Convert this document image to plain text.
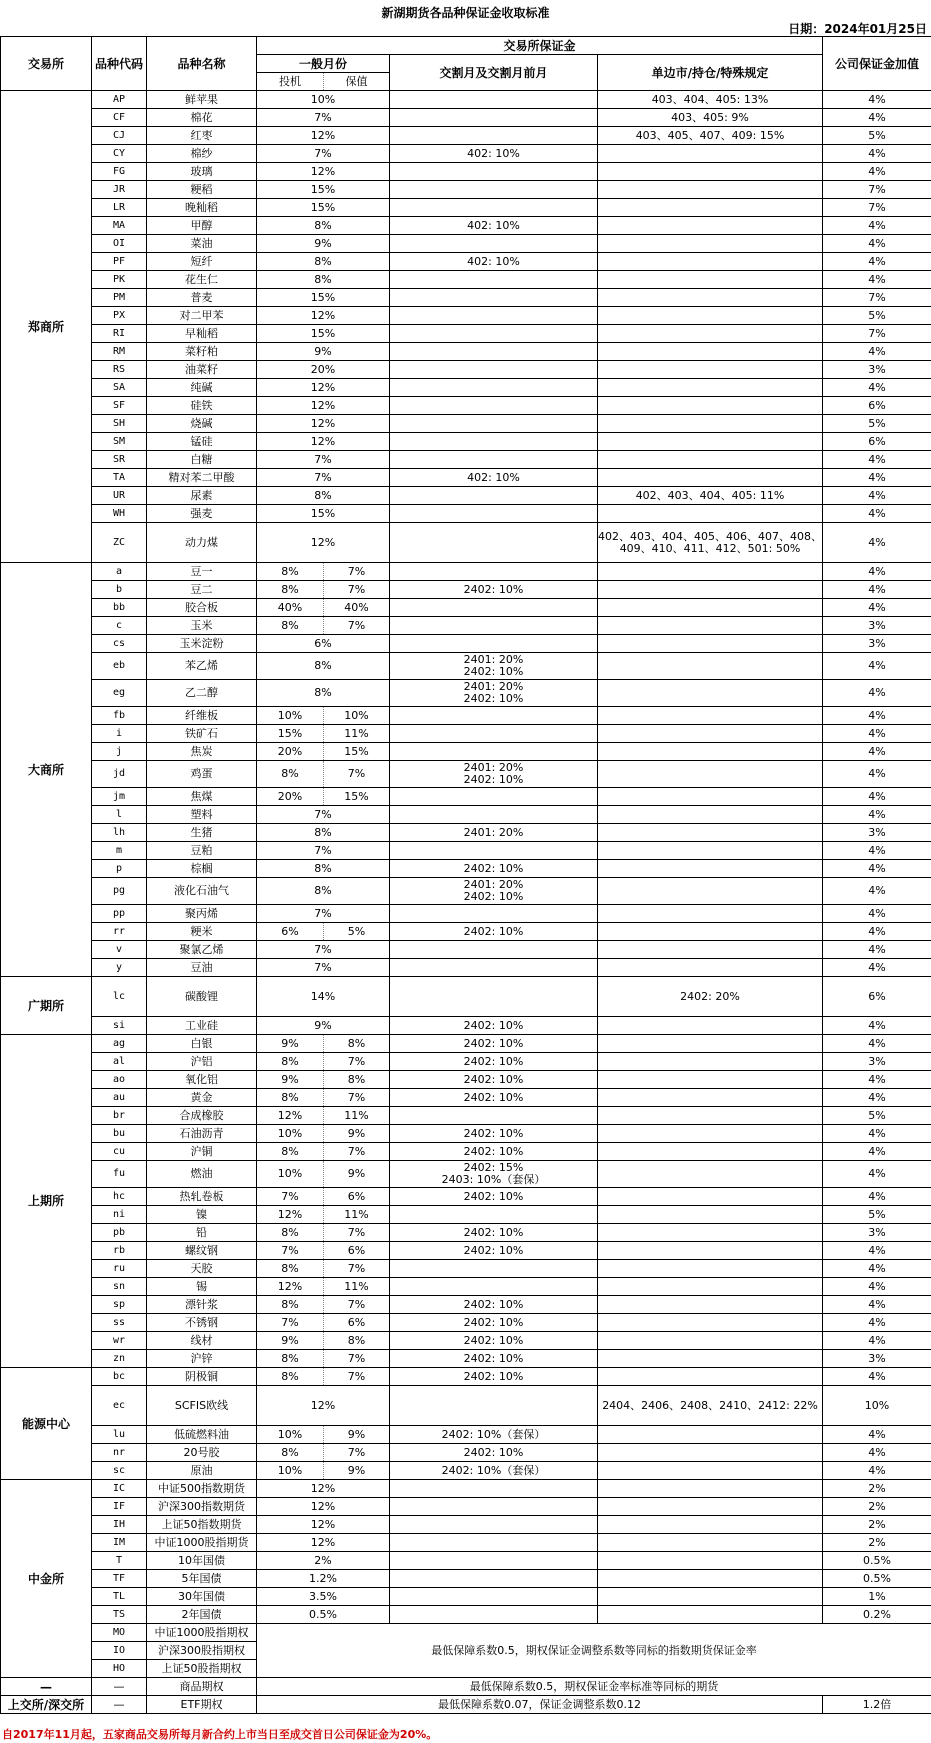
新湖期货各品种保证金收取标准
日期：2024年01月25日
交易所	品种代码	品种名称	交易所保证金				公司保证金加值
			一般月份		交割月及交割月前月	单边市/持仓/特殊规定	
			投机	保值			
郑商所	AP	鲜苹果	10%			403、404、405: 13%	4%
	CF	棉花	7%			403、405: 9%	4%
	CJ	红枣	12%			403、405、407、409: 15%	5%
	CY	棉纱	7%		402: 10%		4%
	FG	玻璃	12%				4%
	JR	粳稻	15%				7%
	LR	晚籼稻	15%				7%
	MA	甲醇	8%		402: 10%		4%
	OI	菜油	9%				4%
	PF	短纤	8%		402: 10%		4%
	PK	花生仁	8%				4%
	PM	普麦	15%				7%
	PX	对二甲苯	12%				5%
	RI	早籼稻	15%				7%
	RM	菜籽粕	9%				4%
	RS	油菜籽	20%				3%
	SA	纯碱	12%				4%
	SF	硅铁	12%				6%
	SH	烧碱	12%				5%
	SM	锰硅	12%				6%
	SR	白糖	7%				4%
	TA	精对苯二甲酸	7%		402: 10%		4%
	UR	尿素	8%			402、403、404、405: 11%	4%
	WH	强麦	15%				4%
	ZC	动力煤	12%			402、403、404、405、406、407、408、409、410、411、412、501: 50%	4%
大商所	a	豆一	8%	7%			4%
	b	豆二	8%	7%	2402: 10%		4%
	bb	胶合板	40%	40%			4%
	c	玉米	8%	7%			3%
	cs	玉米淀粉	6%				3%
	eb	苯乙烯	8%		2401: 20%
2402: 10%		4%
	eg	乙二醇	8%		2401: 20%
2402: 10%		4%
	fb	纤维板	10%	10%			4%
	i	铁矿石	15%	11%			4%
	j	焦炭	20%	15%			4%
	jd	鸡蛋	8%	7%	2401: 20%
2402: 10%		4%
	jm	焦煤	20%	15%			4%
	l	塑料	7%				4%
	lh	生猪	8%		2401: 20%		3%
	m	豆粕	7%				4%
	p	棕榈	8%		2402: 10%		4%
	pg	液化石油气	8%		2401: 20%
2402: 10%		4%
	pp	聚丙烯	7%				4%
	rr	粳米	6%	5%	2402: 10%		4%
	v	聚氯乙烯	7%				4%
	y	豆油	7%				4%
广期所	lc	碳酸锂	14%			2402: 20%	6%
	si	工业硅	9%		2402: 10%		4%
上期所	ag	白银	9%	8%	2402: 10%		4%
	al	沪铝	8%	7%	2402: 10%		3%
	ao	氧化铝	9%	8%	2402: 10%		4%
	au	黄金	8%	7%	2402: 10%		4%
	br	合成橡胶	12%	11%			5%
	bu	石油沥青	10%	9%	2402: 10%		4%
	cu	沪铜	8%	7%	2402: 10%		4%
	fu	燃油	10%	9%	2402: 15%
2403: 10%（套保）		4%
	hc	热轧卷板	7%	6%	2402: 10%		4%
	ni	镍	12%	11%			5%
	pb	铅	8%	7%	2402: 10%		3%
	rb	螺纹钢	7%	6%	2402: 10%		4%
	ru	天胶	8%	7%			4%
	sn	锡	12%	11%			4%
	sp	漂针浆	8%	7%	2402: 10%		4%
	ss	不锈钢	7%	6%	2402: 10%		4%
	wr	线材	9%	8%	2402: 10%		4%
	zn	沪锌	8%	7%	2402: 10%		3%
能源中心	bc	阴极铜	8%	7%	2402: 10%		4%
	ec	SCFIS欧线	12%			2404、2406、2408、2410、2412: 22%	10%
	lu	低硫燃料油	10%	9%	2402: 10%（套保）		4%
	nr	20号胶	8%	7%	2402: 10%		4%
	sc	原油	10%	9%	2402: 10%（套保）		4%
中金所	IC	中证500指数期货	12%				2%
	IF	沪深300指数期货	12%				2%
	IH	上证50指数期货	12%				2%
	IM	中证1000股指期货	12%				2%
	T	10年国债	2%				0.5%
	TF	5年国债	1.2%				0.5%
	TL	30年国债	3.5%				1%
	TS	2年国债	0.5%				0.2%
	MO	中证1000股指期权	最低保障系数0.5，期权保证金调整系数等同标的指数期货保证金率				
	IO	沪深300股指期权					
	HO	上证50股指期权					
—	—	商品期权	最低保障系数0.5，期权保证金率标准等同标的期货				
上交所/深交所	—	ETF期权	最低保障系数0.07，保证金调整系数0.12				1.2倍
自2017年11月起，五家商品交易所每月新合约上市当日至成交首日公司保证金为20%。
